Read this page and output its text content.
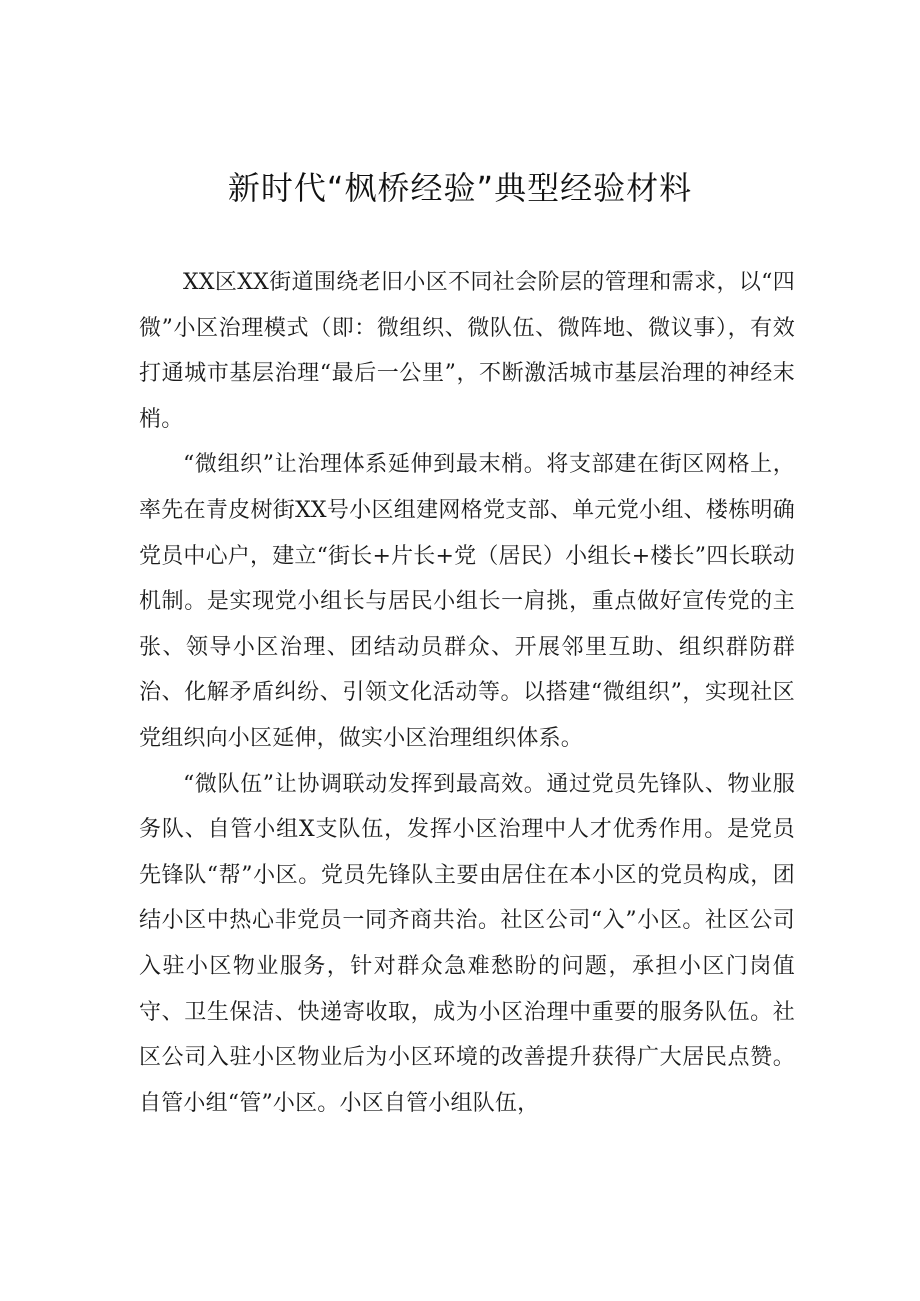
新时代“枫桥经验”典型经验材料

XX区XX街道围绕老旧小区不同社会阶层的管理和需求，以“四微”小区治理模式（即：微组织、微队伍、微阵地、微议事），有效打通城市基层治理“最后一公里”，不断激活城市基层治理的神经末梢。

“微组织”让治理体系延伸到最末梢。将支部建在街区网格上，率先在青皮树街XX号小区组建网格党支部、单元党小组、楼栋明确党员中心户，建立“街长+片长+党（居民）小组长+楼长”四长联动机制。是实现党小组长与居民小组长一肩挑，重点做好宣传党的主张、领导小区治理、团结动员群众、开展邻里互助、组织群防群治、化解矛盾纠纷、引领文化活动等。以搭建“微组织”，实现社区党组织向小区延伸，做实小区治理组织体系。

“微队伍”让协调联动发挥到最高效。通过党员先锋队、物业服务队、自管小组X支队伍，发挥小区治理中人才优秀作用。是党员先锋队“帮”小区。党员先锋队主要由居住在本小区的党员构成，团结小区中热心非党员一同齐商共治。社区公司“入”小区。社区公司入驻小区物业服务，针对群众急难愁盼的问题，承担小区门岗值守、卫生保洁、快递寄收取，成为小区治理中重要的服务队伍。社区公司入驻小区物业后为小区环境的改善提升获得广大居民点赞。自管小组“管”小区。小区自管小组队伍，
